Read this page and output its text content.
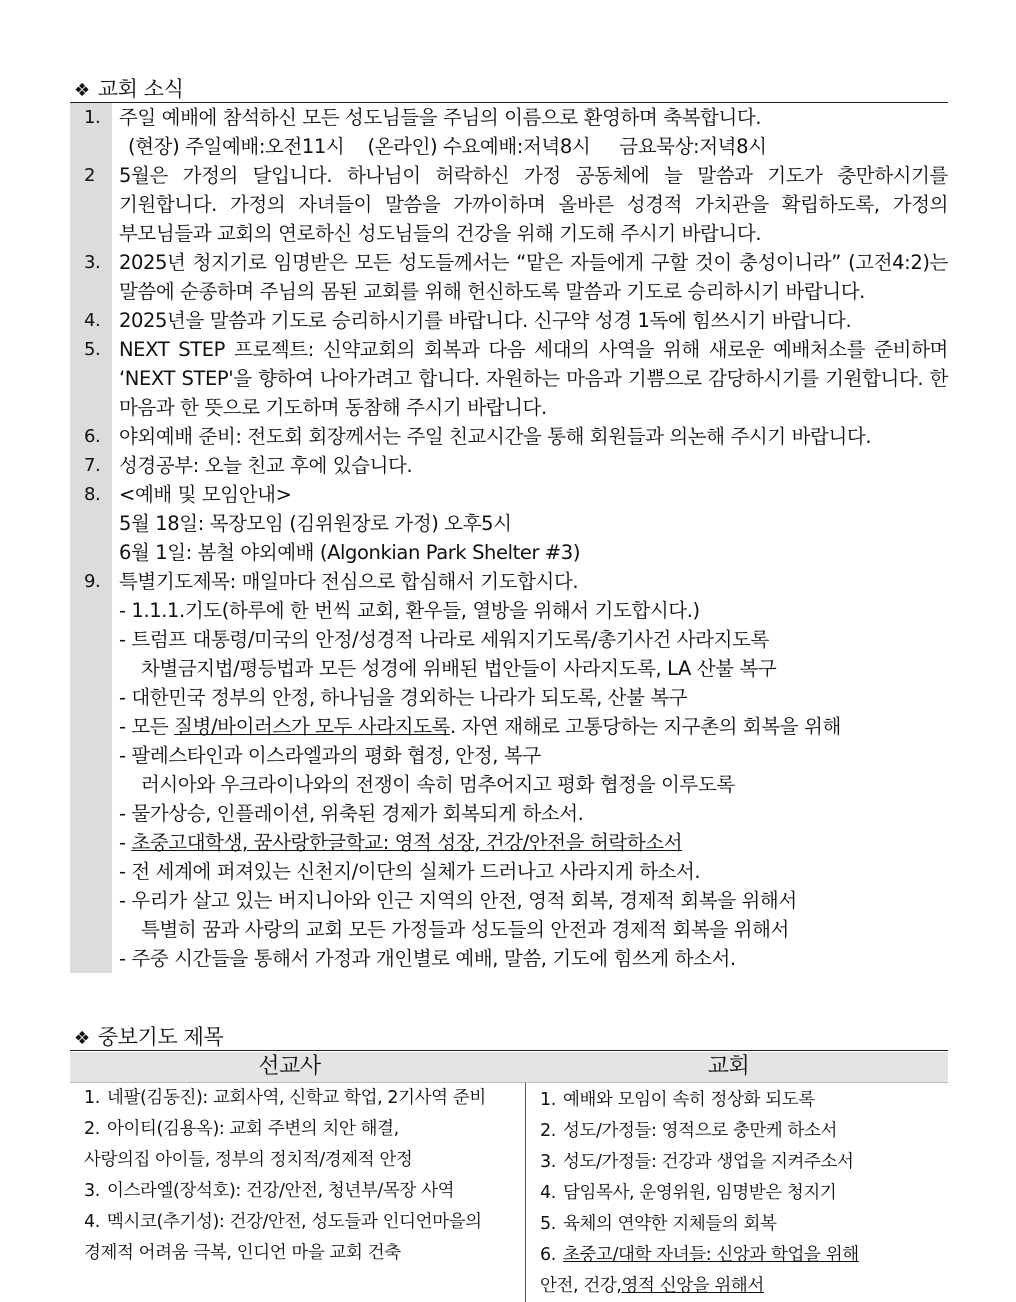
❖ 교회 소식
1. 주일 예배에 참석하신 모든 성도님들을 주님의 이름으로 환영하며 축복합니다.
(현장) 주일예배:오전11시    (온라인) 수요예배:저녁8시     금요묵상:저녁8시
2	5월은 가정의 달입니다. 하나님이 허락하신 가정 공동체에 늘 말씀과 기도가 충만하시기를 기원합니다. 가정의 자녀들이 말씀을 가까이하며 올바른 성경적 가치관을 확립하도록, 가정의 부모님들과 교회의 연로하신 성도님들의 건강을 위해 기도해 주시기 바랍니다.
3. 2025년 청지기로 임명받은 모든 성도들께서는 “맡은 자들에게 구할 것이 충성이니라” (고전4:2)는 말씀에 순종하며 주님의 몸된 교회를 위해 헌신하도록 말씀과 기도로 승리하시기 바랍니다.
4. 2025년을 말씀과 기도로 승리하시기를 바랍니다. 신구약 성경 1독에 힘쓰시기 바랍니다.
5. NEXT STEP 프로젝트: 신약교회의 회복과 다음 세대의 사역을 위해 새로운 예배처소를 준비하며 ‘NEXT STEP'을 향하여 나아가려고 합니다. 자원하는 마음과 기쁨으로 감당하시기를 기원합니다. 한 마음과 한 뜻으로 기도하며 동참해 주시기 바랍니다.
6. 야외예배 준비: 전도회 회장께서는 주일 친교시간을 통해 회원들과 의논해 주시기 바랍니다.
7. 성경공부: 오늘 친교 후에 있습니다.
8. <예배 및 모임안내>
5월 18일: 목장모임 (김위원장로 가정) 오후5시
6월 1일: 봄철 야외예배 (Algonkian Park Shelter #3)
9. 특별기도제목: 매일마다 전심으로 합심해서 기도합시다.
- 1.1.1.기도(하루에 한 번씩 교회, 환우들, 열방을 위해서 기도합시다.)
- 트럼프 대통령/미국의 안정/성경적 나라로 세워지기도록/총기사건 사라지도록
차별금지법/평등법과 모든 성경에 위배된 법안들이 사라지도록, LA 산불 복구
- 대한민국 정부의 안정, 하나님을 경외하는 나라가 되도록, 산불 복구
- 모든 질병/바이러스가 모두 사라지도록. 자연 재해로 고통당하는 지구촌의 회복을 위해
- 팔레스타인과 이스라엘과의 평화 협정, 안정, 복구
러시아와 우크라이나와의 전쟁이 속히 멈추어지고 평화 협정을 이루도록
- 물가상승, 인플레이션, 위축된 경제가 회복되게 하소서.
- 초중고대학생, 꿈사랑한글학교: 영적 성장, 건강/안전을 허락하소서
- 전 세계에 퍼져있는 신천지/이단의 실체가 드러나고 사라지게 하소서.
- 우리가 살고 있는 버지니아와 인근 지역의 안전, 영적 회복, 경제적 회복을 위해서
특별히 꿈과 사랑의 교회 모든 가정들과 성도들의 안전과 경제적 회복을 위해서
- 주중 시간들을 통해서 가정과 개인별로 예배, 말씀, 기도에 힘쓰게 하소서.
❖ 중보기도 제목
선교사	교회
1. 네팔(김동진): 교회사역, 신학교 학업, 2기사역 준비
2. 아이티(김용옥): 교회 주변의 치안 해결,
사랑의집 아이들, 정부의 정치적/경제적 안정
3. 이스라엘(장석호): 건강/안전, 청년부/목장 사역
4. 멕시코(추기성): 건강/안전, 성도들과 인디언마을의
경제적 어려움 극복, 인디언 마을 교회 건축
1. 예배와 모임이 속히 정상화 되도록
2. 성도/가정들: 영적으로 충만케 하소서
3. 성도/가정들: 건강과 생업을 지켜주소서
4. 담임목사, 운영위원, 임명받은 청지기
5. 육체의 연약한 지체들의 회복
6. 초중고/대학 자녀들: 신앙과 학업을 위해
안전, 건강, 영적 신앙을 위해서
